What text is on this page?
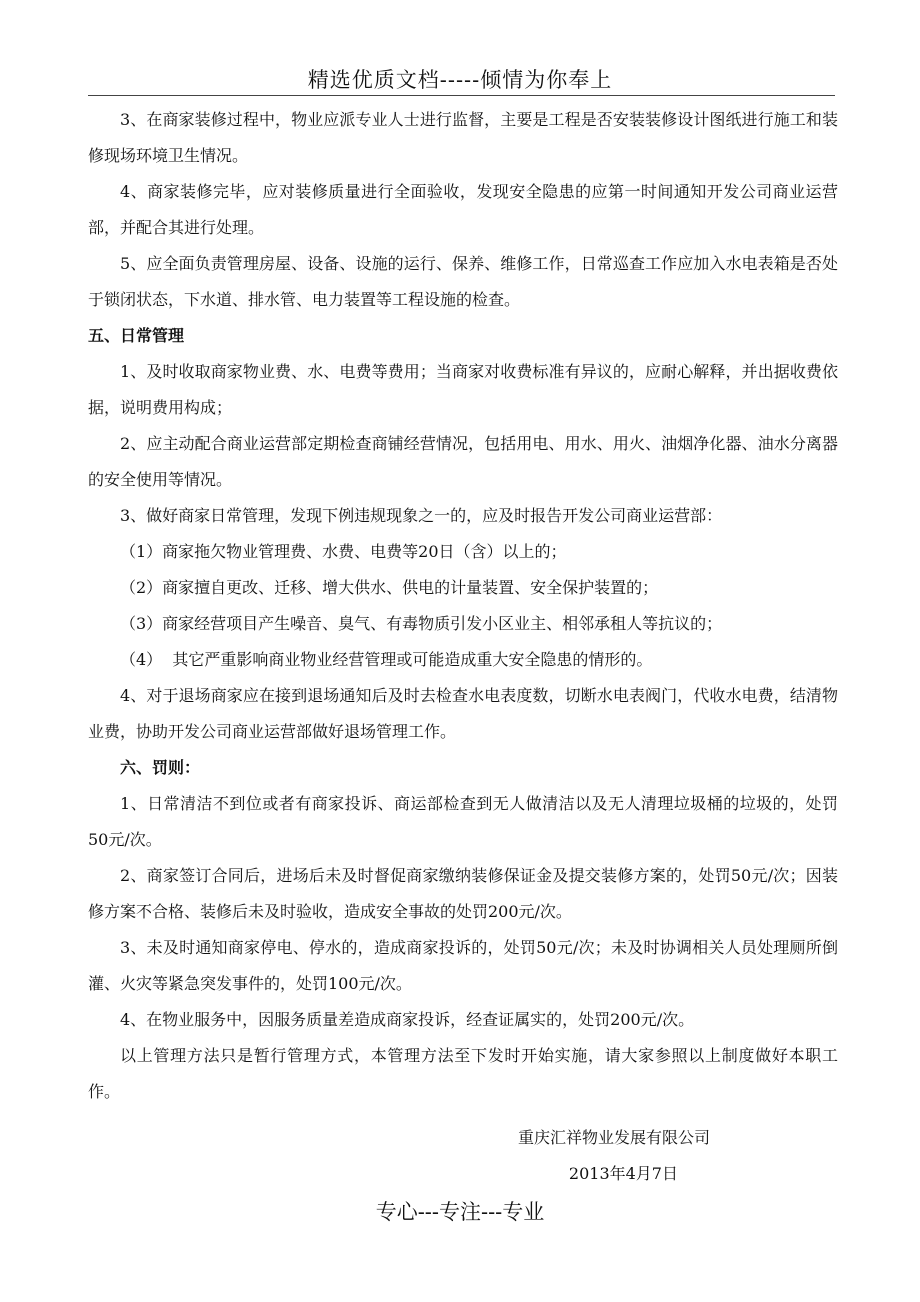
精选优质文档-----倾情为你奉上

3、在商家装修过程中，物业应派专业人士进行监督，主要是工程是否安装装修设计图纸进行施工和装修现场环境卫生情况。

4、商家装修完毕，应对装修质量进行全面验收，发现安全隐患的应第一时间通知开发公司商业运营部，并配合其进行处理。

5、应全面负责管理房屋、设备、设施的运行、保养、维修工作，日常巡查工作应加入水电表箱是否处于锁闭状态，下水道、排水管、电力装置等工程设施的检查。

五、日常管理

1、及时收取商家物业费、水、电费等费用；当商家对收费标准有异议的，应耐心解释，并出据收费依据，说明费用构成；

2、应主动配合商业运营部定期检查商铺经营情况，包括用电、用水、用火、油烟净化器、油水分离器的安全使用等情况。

3、做好商家日常管理，发现下例违规现象之一的，应及时报告开发公司商业运营部：

（1）商家拖欠物业管理费、水费、电费等20日（含）以上的；

（2）商家擅自更改、迁移、增大供水、供电的计量装置、安全保护装置的；

（3）商家经营项目产生噪音、臭气、有毒物质引发小区业主、相邻承租人等抗议的；

（4）  其它严重影响商业物业经营管理或可能造成重大安全隐患的情形的。

4、对于退场商家应在接到退场通知后及时去检查水电表度数，切断水电表阀门，代收水电费，结清物业费，协助开发公司商业运营部做好退场管理工作。

六、罚则：

1、日常清洁不到位或者有商家投诉、商运部检查到无人做清洁以及无人清理垃圾桶的垃圾的，处罚50元/次。

2、商家签订合同后，进场后未及时督促商家缴纳装修保证金及提交装修方案的，处罚50元/次；因装修方案不合格、装修后未及时验收，造成安全事故的处罚200元/次。

3、未及时通知商家停电、停水的，造成商家投诉的，处罚50元/次；未及时协调相关人员处理厕所倒灌、火灾等紧急突发事件的，处罚100元/次。

4、在物业服务中，因服务质量差造成商家投诉，经查证属实的，处罚200元/次。

以上管理方法只是暂行管理方式，本管理方法至下发时开始实施，请大家参照以上制度做好本职工作。

重庆汇祥物业发展有限公司

2013年4月7日

专心---专注---专业
